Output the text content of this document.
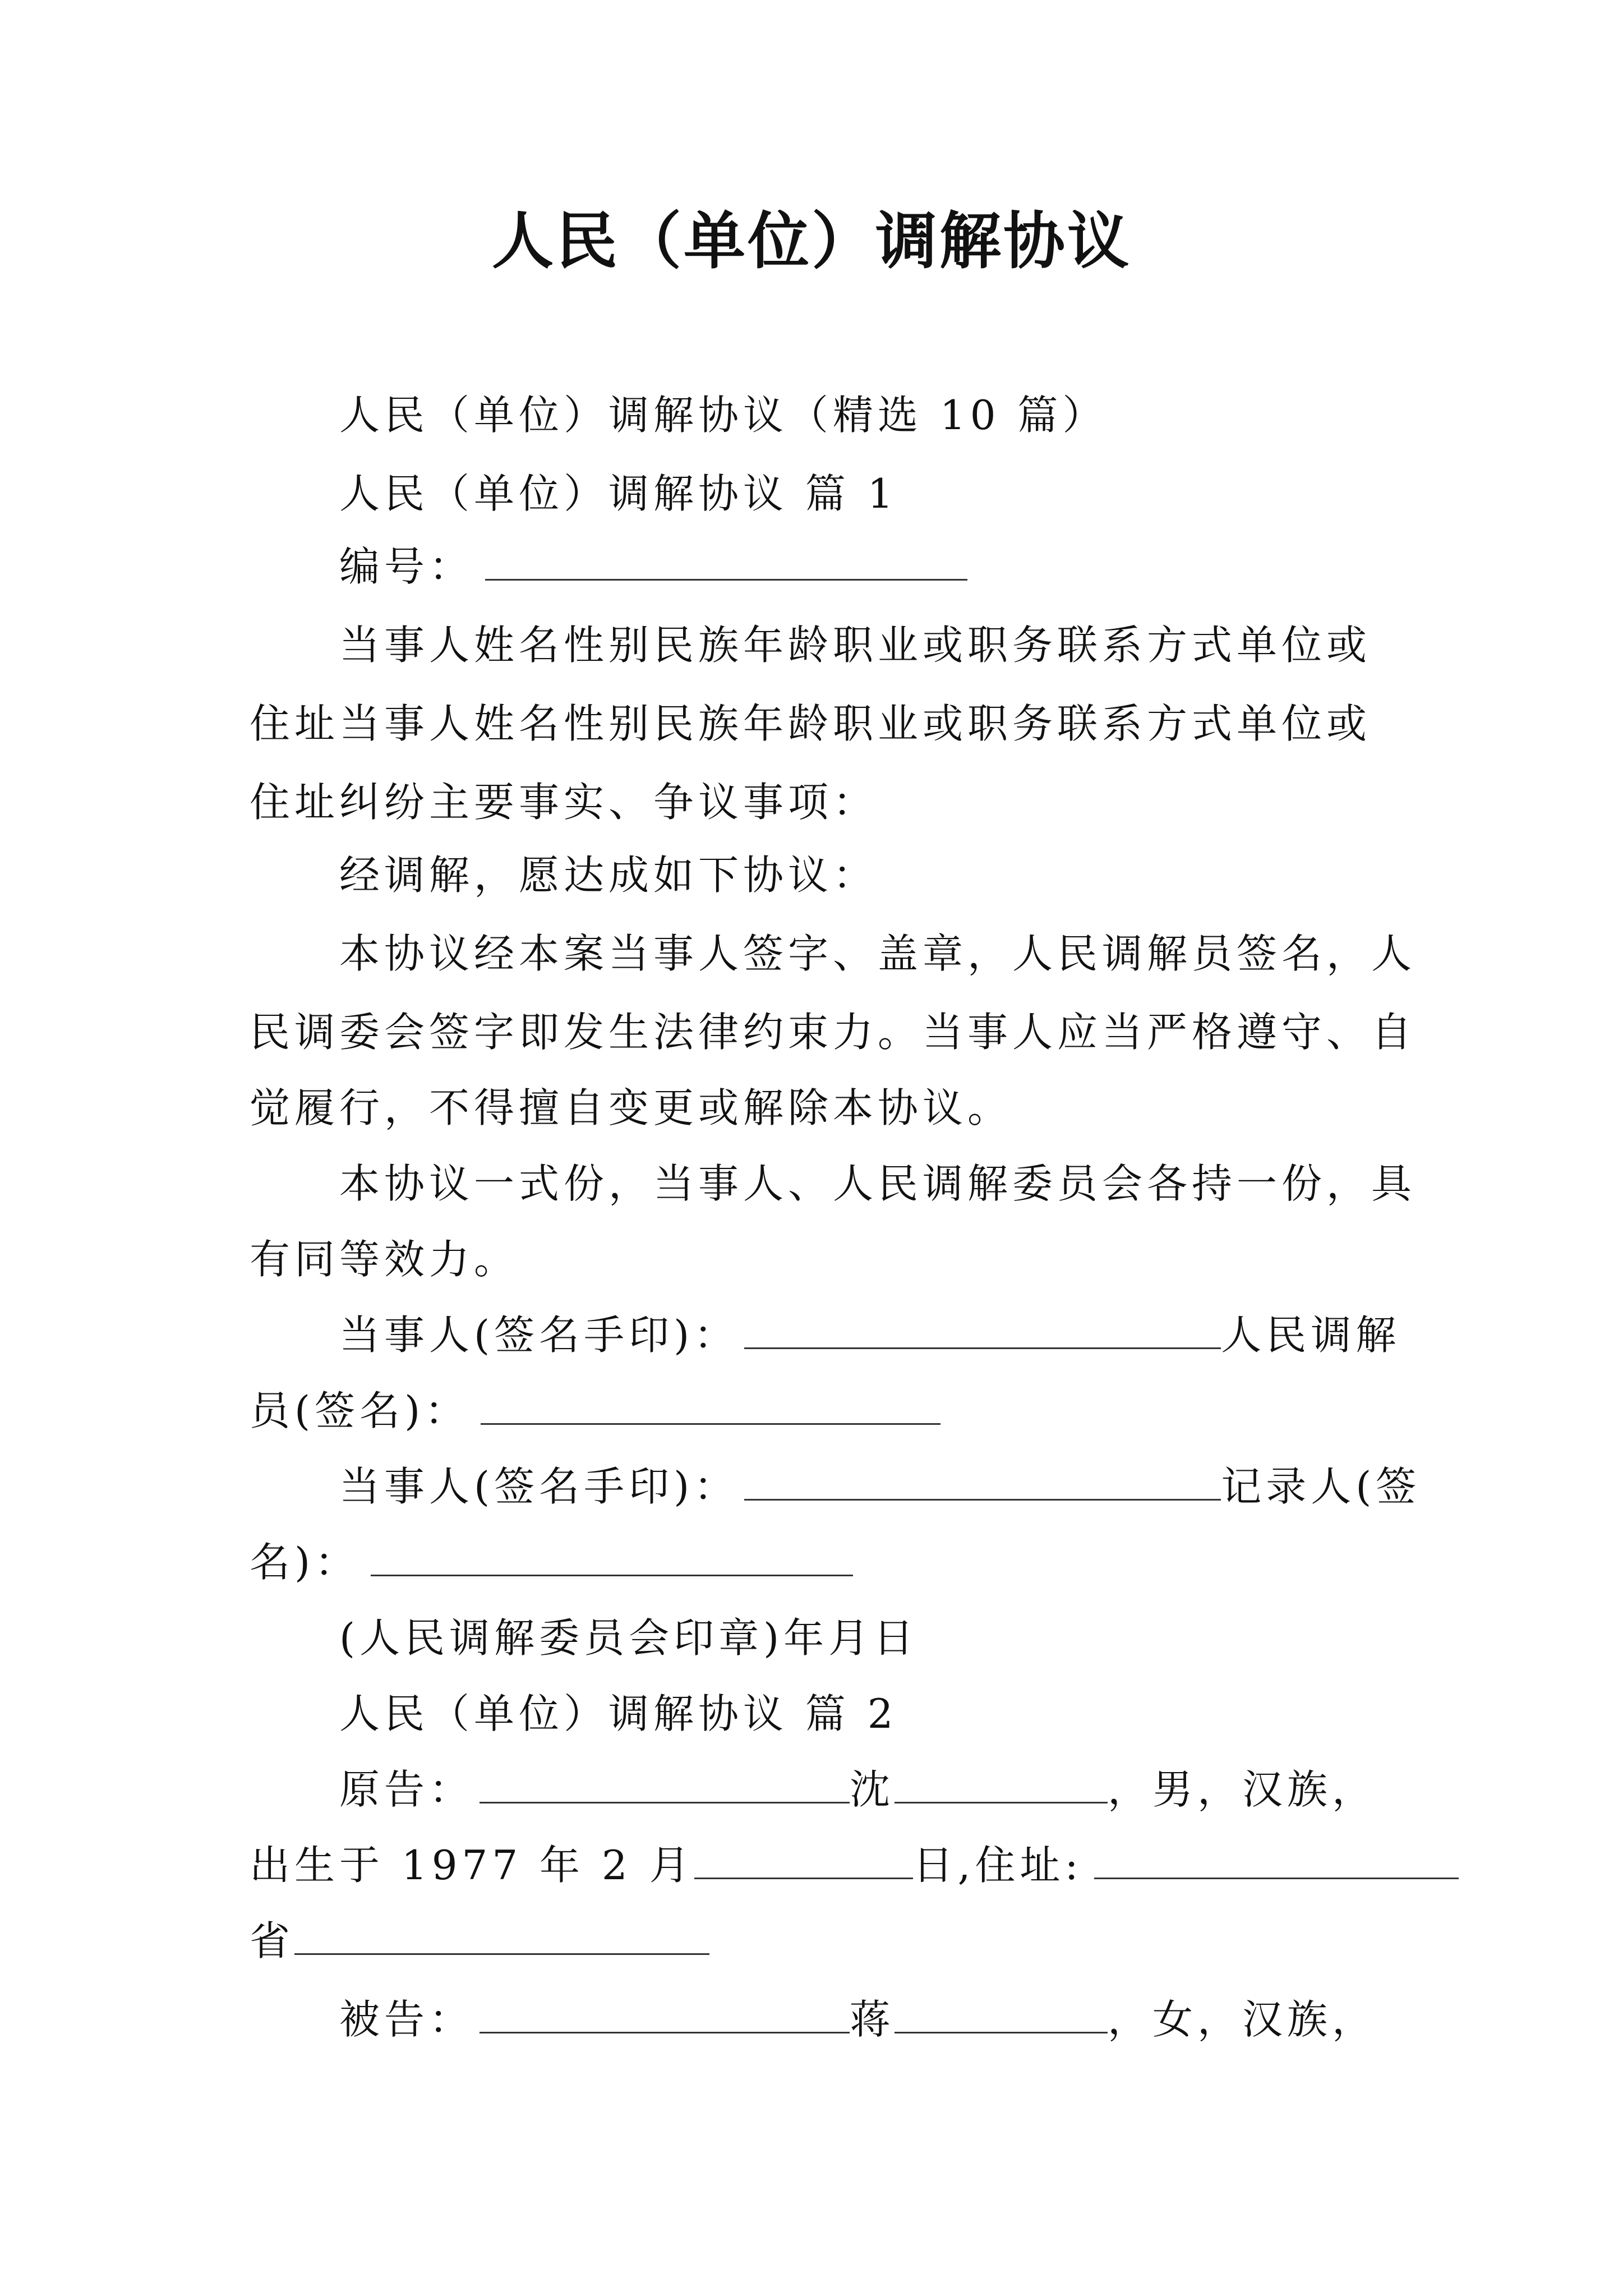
人民（单位）调解协议
人民（单位）调解协议（精选 10 篇）
人民（单位）调解协议 篇 1
编号：
当事人姓名性别民族年龄职业或职务联系方式单位或
住址当事人姓名性别民族年龄职业或职务联系方式单位或
住址纠纷主要事实、争议事项：
经调解，愿达成如下协议：
本协议经本案当事人签字、盖章，人民调解员签名，人
民调委会签字即发生法律约束力。当事人应当严格遵守、自
觉履行，不得擅自变更或解除本协议。
本协议一式份，当事人、人民调解委员会各持一份，具
有同等效力。
当事人(签名手印)：	人民调解
员(签名)：
当事人(签名手印)：	记录人(签
名)：
(人民调解委员会印章)年月日
人民（单位）调解协议 篇 2
原告：	沈	，男，汉族，
出生于 1977 年 2 月	日,住址:
省
被告：	蒋	，女，汉族，
